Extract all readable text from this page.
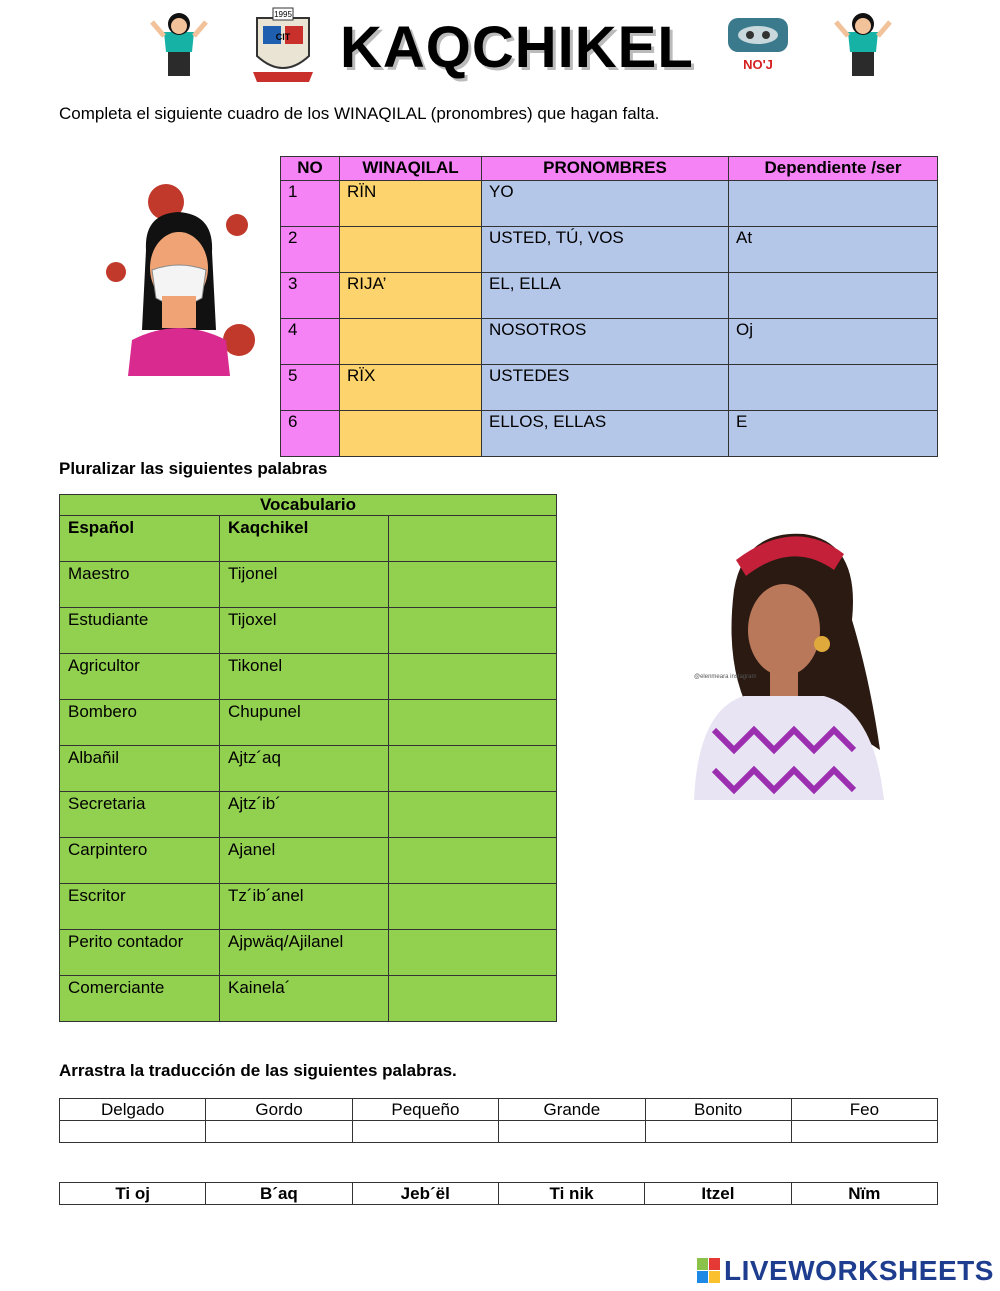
1995
CIT KAQCHIKEL	NO'J
Completa el siguiente cuadro de los WINAQILAL (pronombres) que hagan falta.
NO	WINAQILAL	PRONOMBRES	Dependiente /ser
1	RÏN	YO	
2		USTED, TÚ, VOS	At
3	RIJA’	EL, ELLA	
4		NOSOTROS	Oj
5	RÏX	USTEDES	
6		ELLOS, ELLAS	E
Pluralizar las siguientes palabras
Vocabulario		
Español	Kaqchikel	
Maestro	Tijonel	
Estudiante	Tijoxel	
Agricultor	Tikonel	
Bombero	Chupunel	
Albañil	Ajtz´aq	
Secretaria	Ajtz´ib´	
Carpintero	Ajanel	
Escritor	Tz´ib´anel	
Perito contador	Ajpwäq/Ajilanel	
Comerciante	Kainela´	
@elenmeara instagram
Arrastra la traducción de las siguientes palabras.
Delgado	Gordo	Pequeño	Grande	Bonito	Feo

Ti oj	B´aq	Jeb´ël	Ti nik	Itzel	Nïm
LIVEWORKSHEETS
